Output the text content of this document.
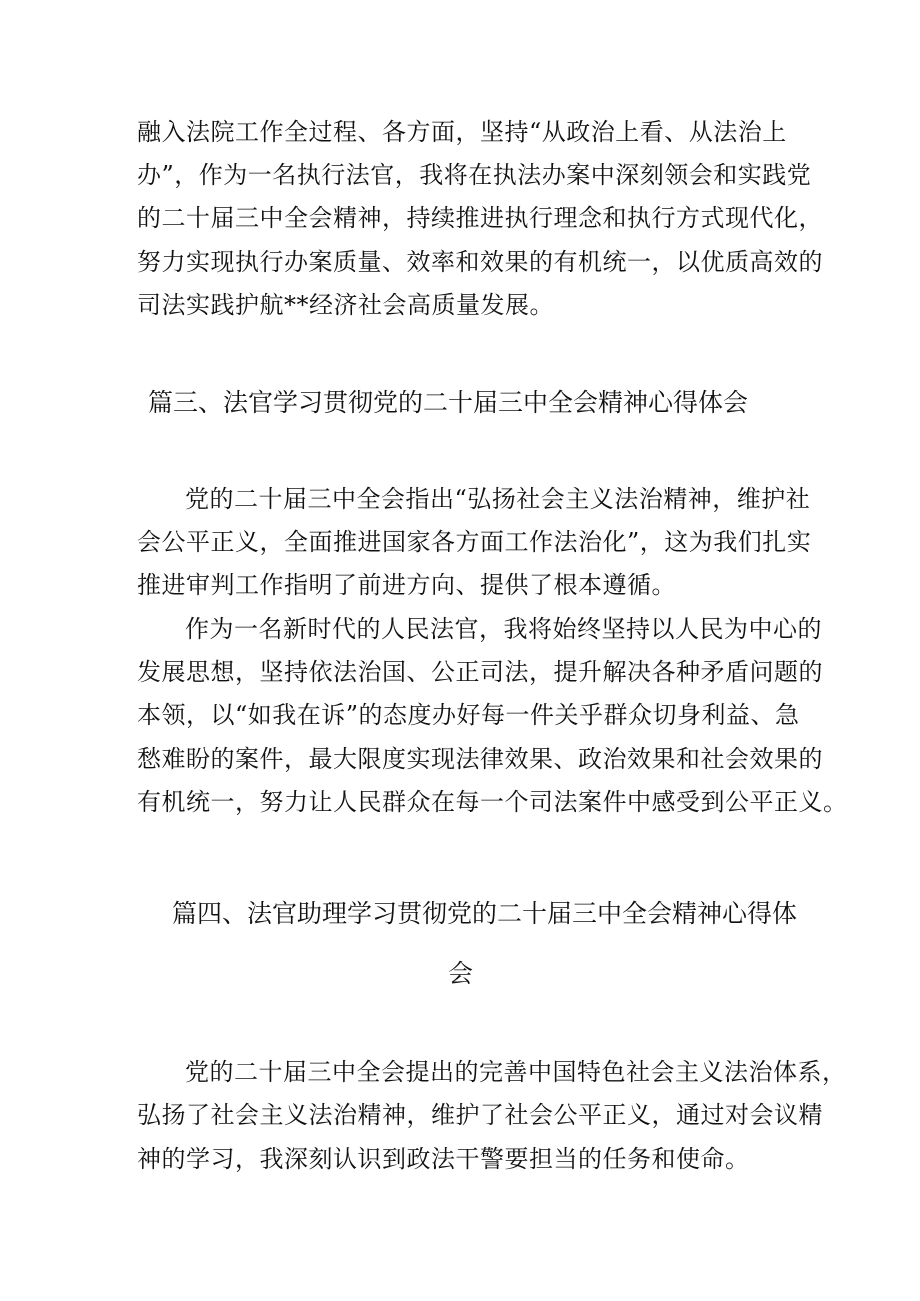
融入法院工作全过程、各方面，坚持“从政治上看、从法治上
办”，作为一名执行法官，我将在执法办案中深刻领会和实践党
的二十届三中全会精神，持续推进执行理念和执行方式现代化，
努力实现执行办案质量、效率和效果的有机统一，以优质高效的
司法实践护航**经济社会高质量发展。
篇三、法官学习贯彻党的二十届三中全会精神心得体会
党的二十届三中全会指出“弘扬社会主义法治精神，维护社
会公平正义，全面推进国家各方面工作法治化”，这为我们扎实
推进审判工作指明了前进方向、提供了根本遵循。
作为一名新时代的人民法官，我将始终坚持以人民为中心的
发展思想，坚持依法治国、公正司法，提升解决各种矛盾问题的
本领，以“如我在诉”的态度办好每一件关乎群众切身利益、急
愁难盼的案件，最大限度实现法律效果、政治效果和社会效果的
有机统一，努力让人民群众在每一个司法案件中感受到公平正义。
篇四、法官助理学习贯彻党的二十届三中全会精神心得体
会
党的二十届三中全会提出的完善中国特色社会主义法治体系，
弘扬了社会主义法治精神，维护了社会公平正义，通过对会议精
神的学习，我深刻认识到政法干警要担当的任务和使命。
